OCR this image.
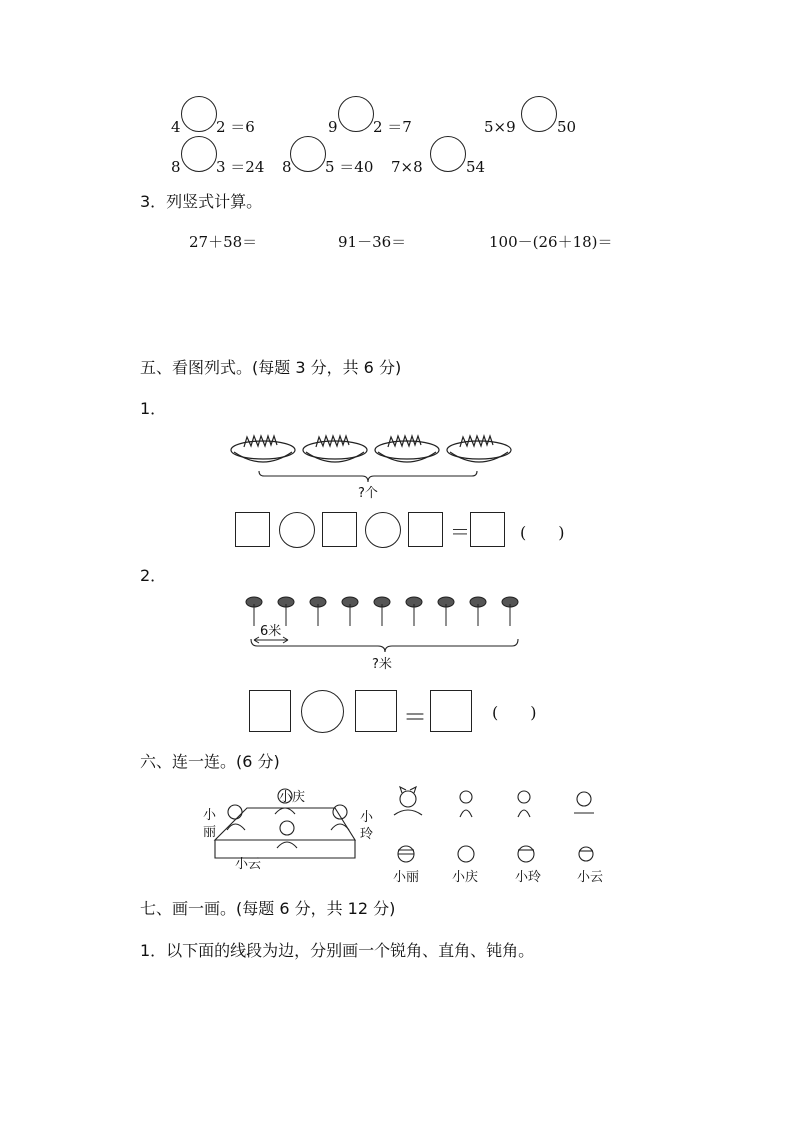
4 2 ＝6	9 2 ＝7	5×9	50
8 3 ＝24 8 5 ＝40 7×8	54
3．列竖式计算。
27＋58＝	91－36＝	100－(26＋18)＝
五、看图列式。(每题 3 分，共 6 分)
1．
?个
＝	(　　)
2．
6米
?米
＝	(　　)
六、连一连。(6 分)
小庆
小
丽
小
玲
小云
小丽	小庆	小玲	小云
七、画一画。(每题 6 分，共 12 分)
1．以下面的线段为边，分别画一个锐角、直角、钝角。
